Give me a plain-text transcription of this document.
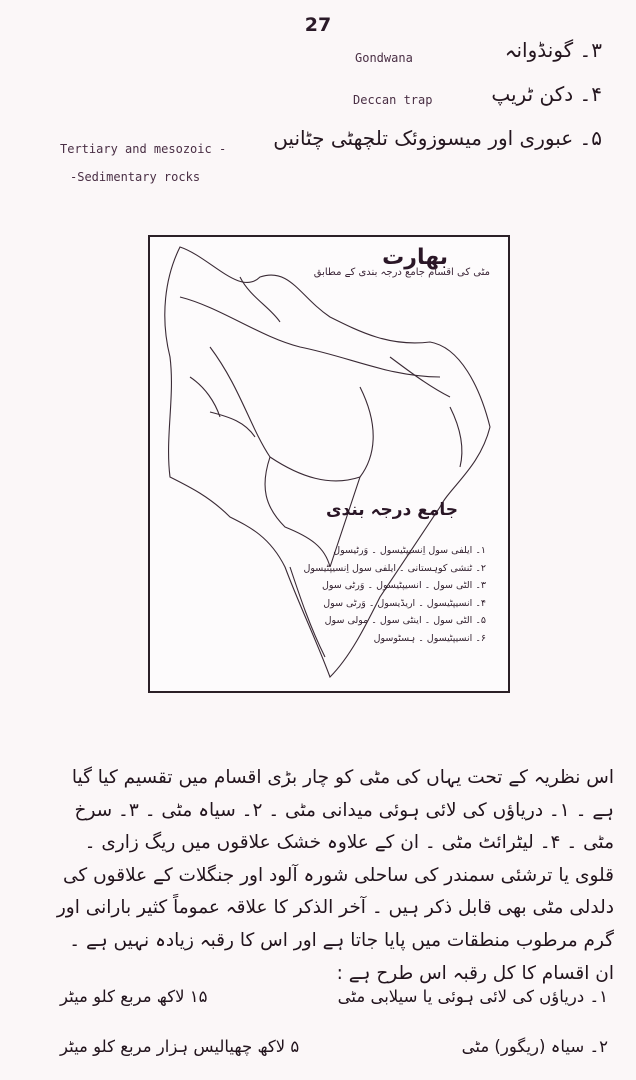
27
۳۔ گونڈوانہ
Gondwana
۴۔ دکن ٹریپ
Deccan trap
۵۔ عبوری اور میسوزوئک تلچھٹی چٹانیں
Tertiary and mesozoic -
-Sedimentary rocks
بھارت
مٹی کی اقسام جامع درجہ بندی کے مطابق
جامع درجہ بندی
۱۔ ایلفی سول اِنسیپٹیسول ۔ وَرٹیسول
۲۔ ٹنشی کوہستانی ۔ ایلفی سول اِنسیپٹیسول
۳۔ الٹی سول ۔ انسیپٹیسول ۔ وَرٹی سول
۴۔ انسیپٹیسول ۔ اریڈیسول ۔ وَرٹی سول
۵۔ الٹی سول ۔ اینٹی سول ۔ مولی سول
۶۔ انسیپٹیسول ۔ ہسٹوسول

اس نظریہ کے تحت یہاں کی مٹی کو چار بڑی اقسام میں تقسیم کیا گیا ہے ۔ ۱۔ دریاؤں کی لائی ہوئی میدانی مٹی ۔ ۲۔ سیاہ مٹی ۔ ۳۔ سرخ مٹی ۔ ۴۔ لیٹرائٹ مٹی ۔ ان کے علاوہ خشک علاقوں میں ریگ زاری ۔ قلوی یا ترشئی سمندر کی ساحلی شورہ آلود اور جنگلات کے علاقوں کی دلدلی مٹی بھی قابل ذکر ہیں ۔ آخر الذکر کا علاقہ عموماً کثیر بارانی اور گرم مرطوب منطقات میں پایا جاتا ہے اور اس کا رقبہ زیادہ نہیں ہے ۔ ان اقسام کا کل رقبہ اس طرح ہے :

۱۔ دریاؤں کی لائی ہوئی یا سیلابی مٹی
۱۵ لاکھ مربع کلو میٹر
۲۔ سیاہ (ریگور) مٹی
۵ لاکھ چھیالیس ہزار مربع کلو میٹر
